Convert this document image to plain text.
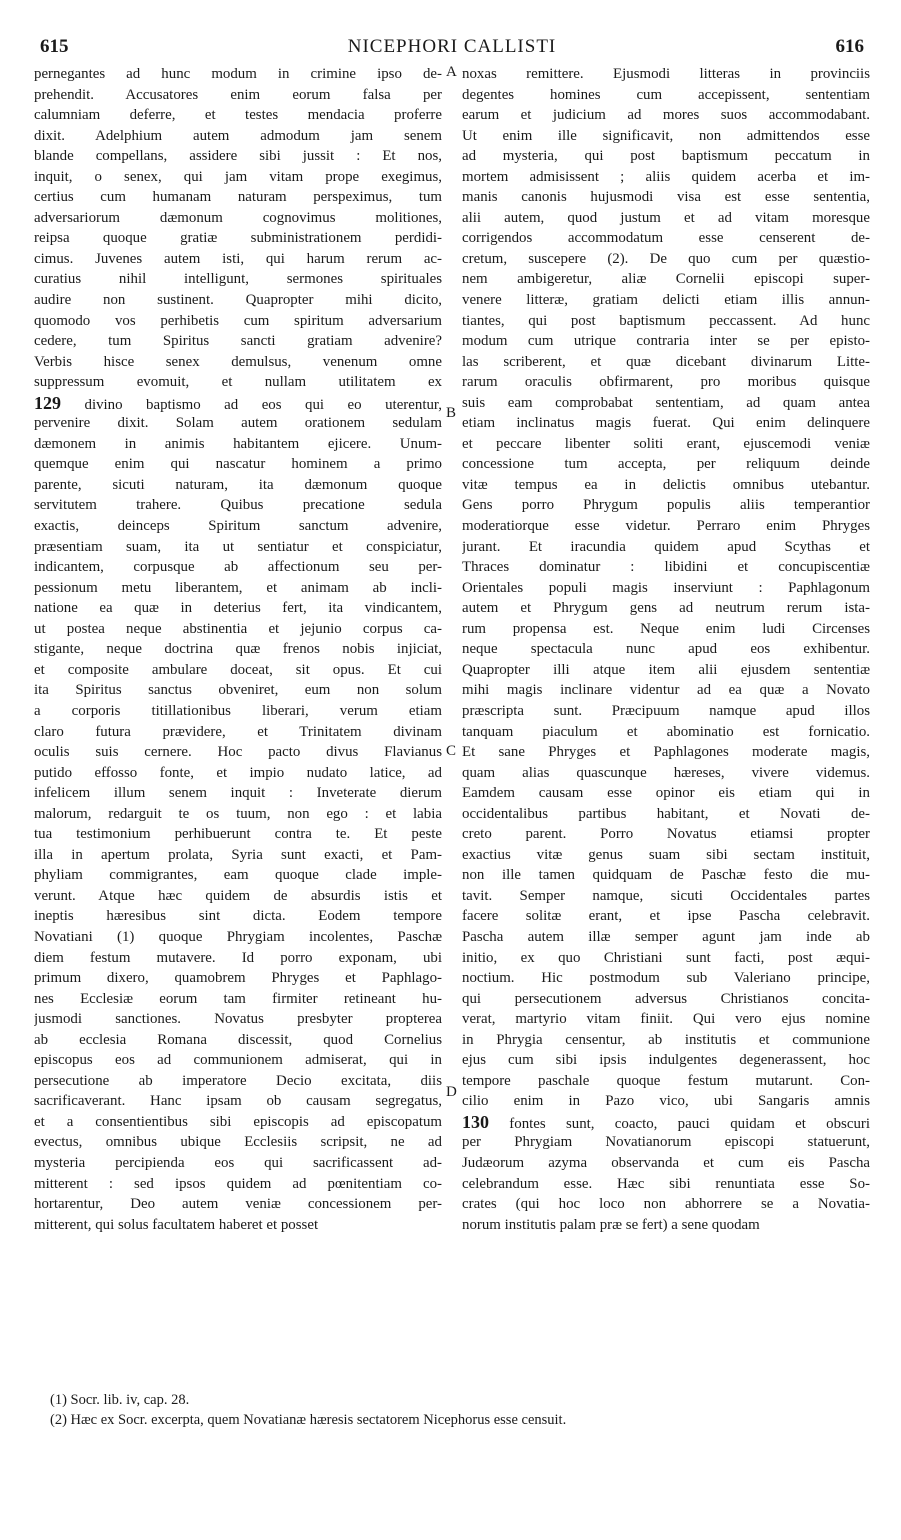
615	NICEPHORI CALLISTI	616
pernegantes ad hunc modum in crimine ipso de-
prehendit. Accusatores enim eorum falsa per
calumniam deferre, et testes mendacia proferre
dixit. Adelphium autem admodum jam senem
blande compellans, assidere sibi jussit : Et nos,
inquit, o senex, qui jam vitam prope exegimus,
certius cum humanam naturam perspeximus, tum
adversariorum dæmonum cognovimus molitiones,
reipsa quoque gratiæ subministrationem perdidi-
cimus. Juvenes autem isti, qui harum rerum ac-
curatius nihil intelligunt, sermones spirituales
audire non sustinent. Quapropter mihi dicito,
quomodo vos perhibetis cum spiritum adversarium
cedere, tum Spiritus sancti gratiam advenire?
Verbis hisce senex demulsus, venenum omne
suppressum evomuit, et nullam utilitatem ex
129 divino baptismo ad eos qui eo uterentur,
pervenire dixit. Solam autem orationem sedulam
dæmonem in animis habitantem ejicere. Unum-
quemque enim qui nascatur hominem a primo
parente, sicuti naturam, ita dæmonum quoque
servitutem trahere. Quibus precatione sedula
exactis, deinceps Spiritum sanctum advenire,
præsentiam suam, ita ut sentiatur et conspiciatur,
indicantem, corpusque ab affectionum seu per-
pessionum metu liberantem, et animam ab incli-
natione ea quæ in deterius fert, ita vindicantem,
ut postea neque abstinentia et jejunio corpus ca-
stigante, neque doctrina quæ frenos nobis injiciat,
et composite ambulare doceat, sit opus. Et cui
ita Spiritus sanctus obveniret, eum non solum
a corporis titillationibus liberari, verum etiam
claro futura prævidere, et Trinitatem divinam
oculis suis cernere. Hoc pacto divus Flavianus
putido effosso fonte, et impio nudato latice, ad
infelicem illum senem inquit : Inveterate dierum
malorum, redarguit te os tuum, non ego : et labia
tua testimonium perhibuerunt contra te. Et peste
illa in apertum prolata, Syria sunt exacti, et Pam-
phyliam commigrantes, eam quoque clade imple-
verunt. Atque hæc quidem de absurdis istis et
ineptis hæresibus sint dicta. Eodem tempore
Novatiani (1) quoque Phrygiam incolentes, Paschæ
diem festum mutavere. Id porro exponam, ubi
primum dixero, quamobrem Phryges et Paphlago-
nes Ecclesiæ eorum tam firmiter retineant hu-
jusmodi sanctiones. Novatus presbyter propterea
ab ecclesia Romana discessit, quod Cornelius
episcopus eos ad communionem admiserat, qui in
persecutione ab imperatore Decio excitata, diis
sacrificaverant. Hanc ipsam ob causam segregatus,
et a consentientibus sibi episcopis ad episcopatum
evectus, omnibus ubique Ecclesiis scripsit, ne ad
mysteria percipienda eos qui sacrificassent ad-
mitterent : sed ipsos quidem ad pœnitentiam co-
hortarentur, Deo autem veniæ concessionem per-
mitterent, qui solus facultatem haberet et posset
noxas remittere. Ejusmodi litteras in provinciis
degentes homines cum accepissent, sententiam
earum et judicium ad mores suos accommodabant.
Ut enim ille significavit, non admittendos esse
ad mysteria, qui post baptismum peccatum in
mortem admisissent ; aliis quidem acerba et im-
manis canonis hujusmodi visa est esse sententia,
alii autem, quod justum et ad vitam moresque
corrigendos accommodatum esse censerent de-
cretum, suscepere (2). De quo cum per quæstio-
nem ambigeretur, aliæ Cornelii episcopi super-
venere litteræ, gratiam delicti etiam illis annun-
tiantes, qui post baptismum peccassent. Ad hunc
modum cum utrique contraria inter se per episto-
las scriberent, et quæ dicebant divinarum Litte-
rarum oraculis obfirmarent, pro moribus quisque
suis eam comprobabat sententiam, ad quam antea
etiam inclinatus magis fuerat. Qui enim delinquere
et peccare libenter soliti erant, ejuscemodi veniæ
concessione tum accepta, per reliquum deinde
vitæ tempus ea in delictis omnibus utebantur.
Gens porro Phrygum populis aliis temperantior
moderatiorque esse videtur. Perraro enim Phryges
jurant. Et iracundia quidem apud Scythas et
Thraces dominatur : libidini et concupiscentiæ
Orientales populi magis inserviunt : Paphlagonum
autem et Phrygum gens ad neutrum rerum ista-
rum propensa est. Neque enim ludi Circenses
neque spectacula nunc apud eos exhibentur.
Quapropter illi atque item alii ejusdem sententiæ
mihi magis inclinare videntur ad ea quæ a Novato
præscripta sunt. Præcipuum namque apud illos
tanquam piaculum et abominatio est fornicatio.
Et sane Phryges et Paphlagones moderate magis,
quam alias quascunque hæreses, vivere videmus.
Eamdem causam esse opinor eis etiam qui in
occidentalibus partibus habitant, et Novati de-
creto parent. Porro Novatus etiamsi propter
exactius vitæ genus suam sibi sectam instituit,
non ille tamen quidquam de Paschæ festo die mu-
tavit. Semper namque, sicuti Occidentales partes
facere solitæ erant, et ipse Pascha celebravit.
Pascha autem illæ semper agunt jam inde ab
initio, ex quo Christiani sunt facti, post æqui-
noctium. Hic postmodum sub Valeriano principe,
qui persecutionem adversus Christianos concita-
verat, martyrio vitam finiit. Qui vero ejus nomine
in Phrygia censentur, ab institutis et communione
ejus cum sibi ipsis indulgentes degenerassent, hoc
tempore paschale quoque festum mutarunt. Con-
cilio enim in Pazo vico, ubi Sangaris amnis
130 fontes sunt, coacto, pauci quidam et obscuri
per Phrygiam Novatianorum episcopi statuerunt,
Judæorum azyma observanda et cum eis Pascha
celebrandum esse. Hæc sibi renuntiata esse So-
crates (qui hoc loco non abhorrere se a Novatia-
norum institutis palam præ se fert) a sene quodam
A
B
C
D
(1) Socr. lib. iv, cap. 28.
(2) Hæc ex Socr. excerpta, quem Novatianæ hæresis sectatorem Nicephorus esse censuit.
